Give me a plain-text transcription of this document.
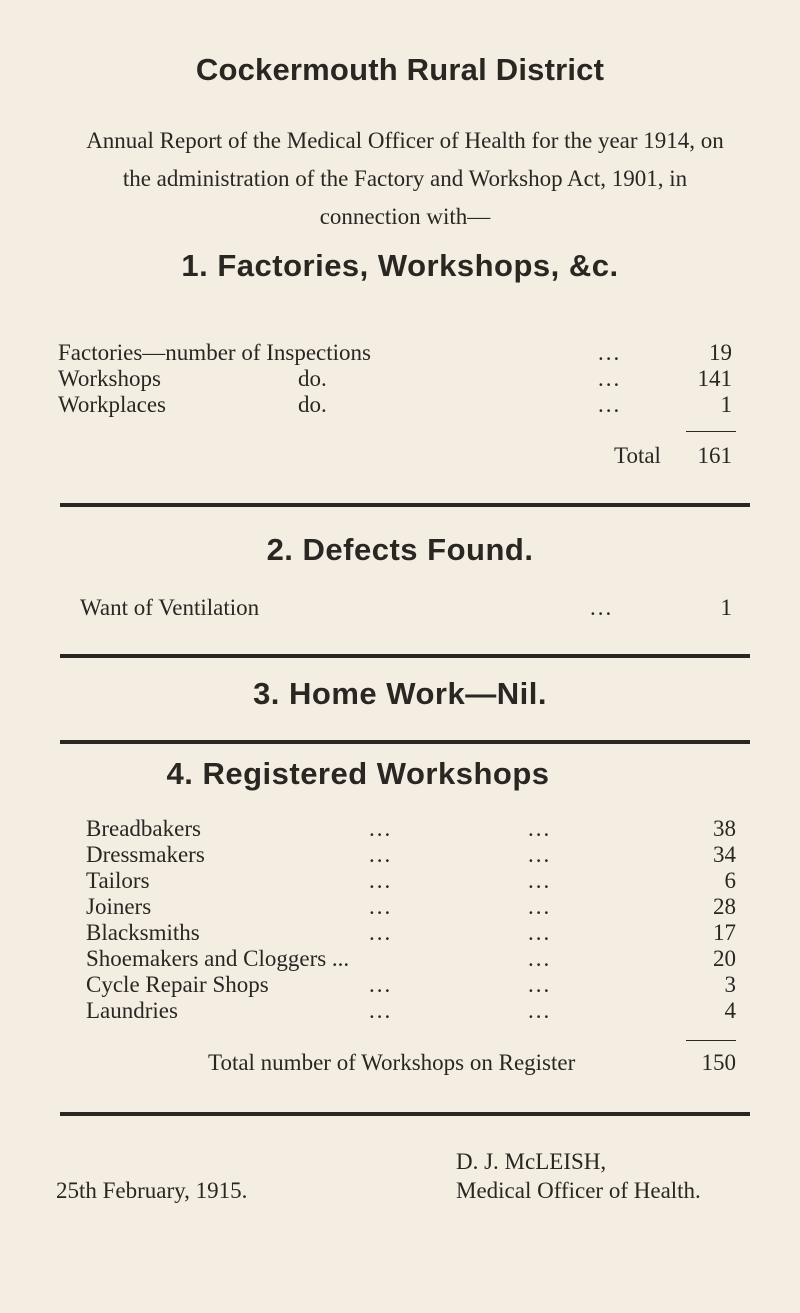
Cockermouth Rural District
Annual Report of the Medical Officer of Health for the year 1914, on the administration of the Factory and Workshop Act, 1901, in connection with—
1. Factories, Workshops, &c.
Factories—number of Inspections	...	19
Workshops	do.	...	141
Workplaces	do.	...	1
Total 161
2. Defects Found.
Want of Ventilation	...	1
3. Home Work—Nil.
4. Registered Workshops
Breadbakers	...	...	38
Dressmakers	...	...	34
Tailors	...	...	6
Joiners	...	...	28
Blacksmiths	...	...	17
Shoemakers and Cloggers ...	...	20
Cycle Repair Shops	...	...	3
Laundries	...	...	4
Total number of Workshops on Register	150
D. J. McLEISH,
25th February, 1915.	Medical Officer of Health.
